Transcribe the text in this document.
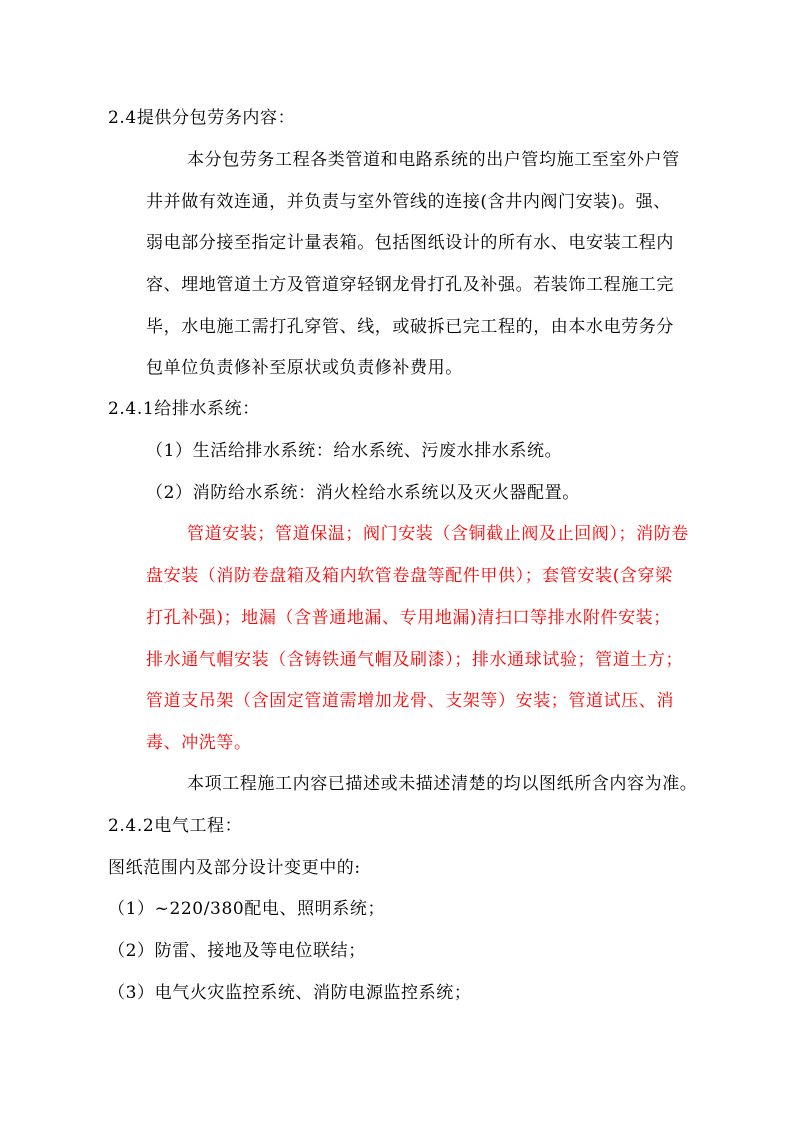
2.4提供分包劳务内容：
本分包劳务工程各类管道和电路系统的出户管均施工至室外户管
井并做有效连通，并负责与室外管线的连接(含井内阀门安装)。强、
弱电部分接至指定计量表箱。包括图纸设计的所有水、电安装工程内
容、埋地管道土方及管道穿轻钢龙骨打孔及补强。若装饰工程施工完
毕，水电施工需打孔穿管、线，或破拆已完工程的，由本水电劳务分
包单位负责修补至原状或负责修补费用。
2.4.1给排水系统：
（1）生活给排水系统：给水系统、污废水排水系统。
（2）消防给水系统：消火栓给水系统以及灭火器配置。
管道安装；管道保温；阀门安装（含铜截止阀及止回阀）；消防卷
盘安装（消防卷盘箱及箱内软管卷盘等配件甲供）；套管安装(含穿梁
打孔补强)；地漏（含普通地漏、专用地漏)清扫口等排水附件安装；
排水通气帽安装（含铸铁通气帽及刷漆）；排水通球试验；管道土方；
管道支吊架（含固定管道需增加龙骨、支架等）安装；管道试压、消
毒、冲洗等。
本项工程施工内容已描述或未描述清楚的均以图纸所含内容为准。
2.4.2电气工程：
图纸范围内及部分设计变更中的:
（1）~220/380配电、照明系统；
（2）防雷、接地及等电位联结；
（3）电气火灾监控系统、消防电源监控系统；
